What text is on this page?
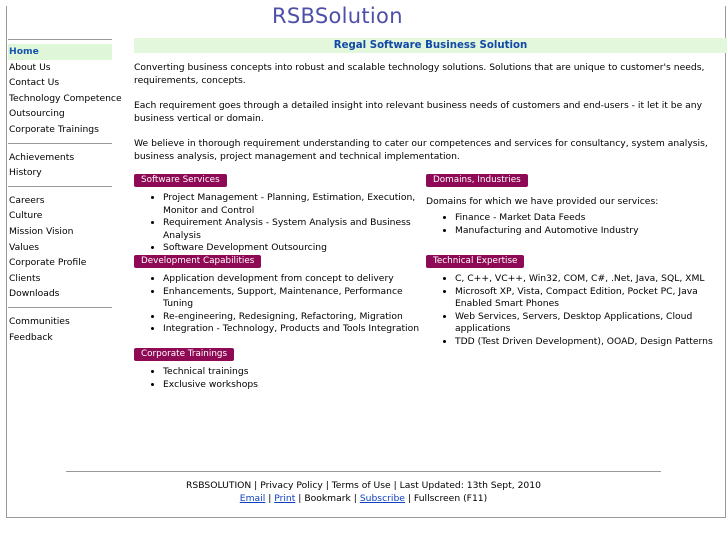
RSBSolution
Home
About Us
Contact Us
Technology Competence
Outsourcing
Corporate Trainings
Achievements
History
Careers
Culture
Mission Vision
Values
Corporate Profile
Clients
Downloads
Communities
Feedback
Regal Software Business Solution

Converting business concepts into robust and scalable technology solutions. Solutions that are unique to customer's needs, requirements, concepts.

Each requirement goes through a detailed insight into relevant business needs of customers and end-users - it let it be any business vertical or domain.

We believe in thorough requirement understanding to cater our competences and services for consultancy, system analysis, business analysis, project management and technical implementation.

Software Services
• Project Management - Planning, Estimation, Execution, Monitor and Control
• Requirement Analysis - System Analysis and Business Analysis
• Software Development Outsourcing
Domains, Industries

Domains for which we have provided our services:

• Finance - Market Data Feeds
• Manufacturing and Automotive Industry
Development Capabilities
• Application development from concept to delivery
• Enhancements, Support, Maintenance, Performance Tuning
• Re-engineering, Redesigning, Refactoring, Migration
• Integration - Technology, Products and Tools Integration
Technical Expertise
• C, C++, VC++, Win32, COM, C#, .Net, Java, SQL, XML
• Microsoft XP, Vista, Compact Edition, Pocket PC, Java Enabled Smart Phones
• Web Services, Servers, Desktop Applications, Cloud applications
• TDD (Test Driven Development), OOAD, Design Patterns
Corporate Trainings
• Technical trainings
• Exclusive workshops
RSBSOLUTION | Privacy Policy | Terms of Use | Last Updated: 13th Sept, 2010
Email | Print | Bookmark | Subscribe | Fullscreen (F11)
